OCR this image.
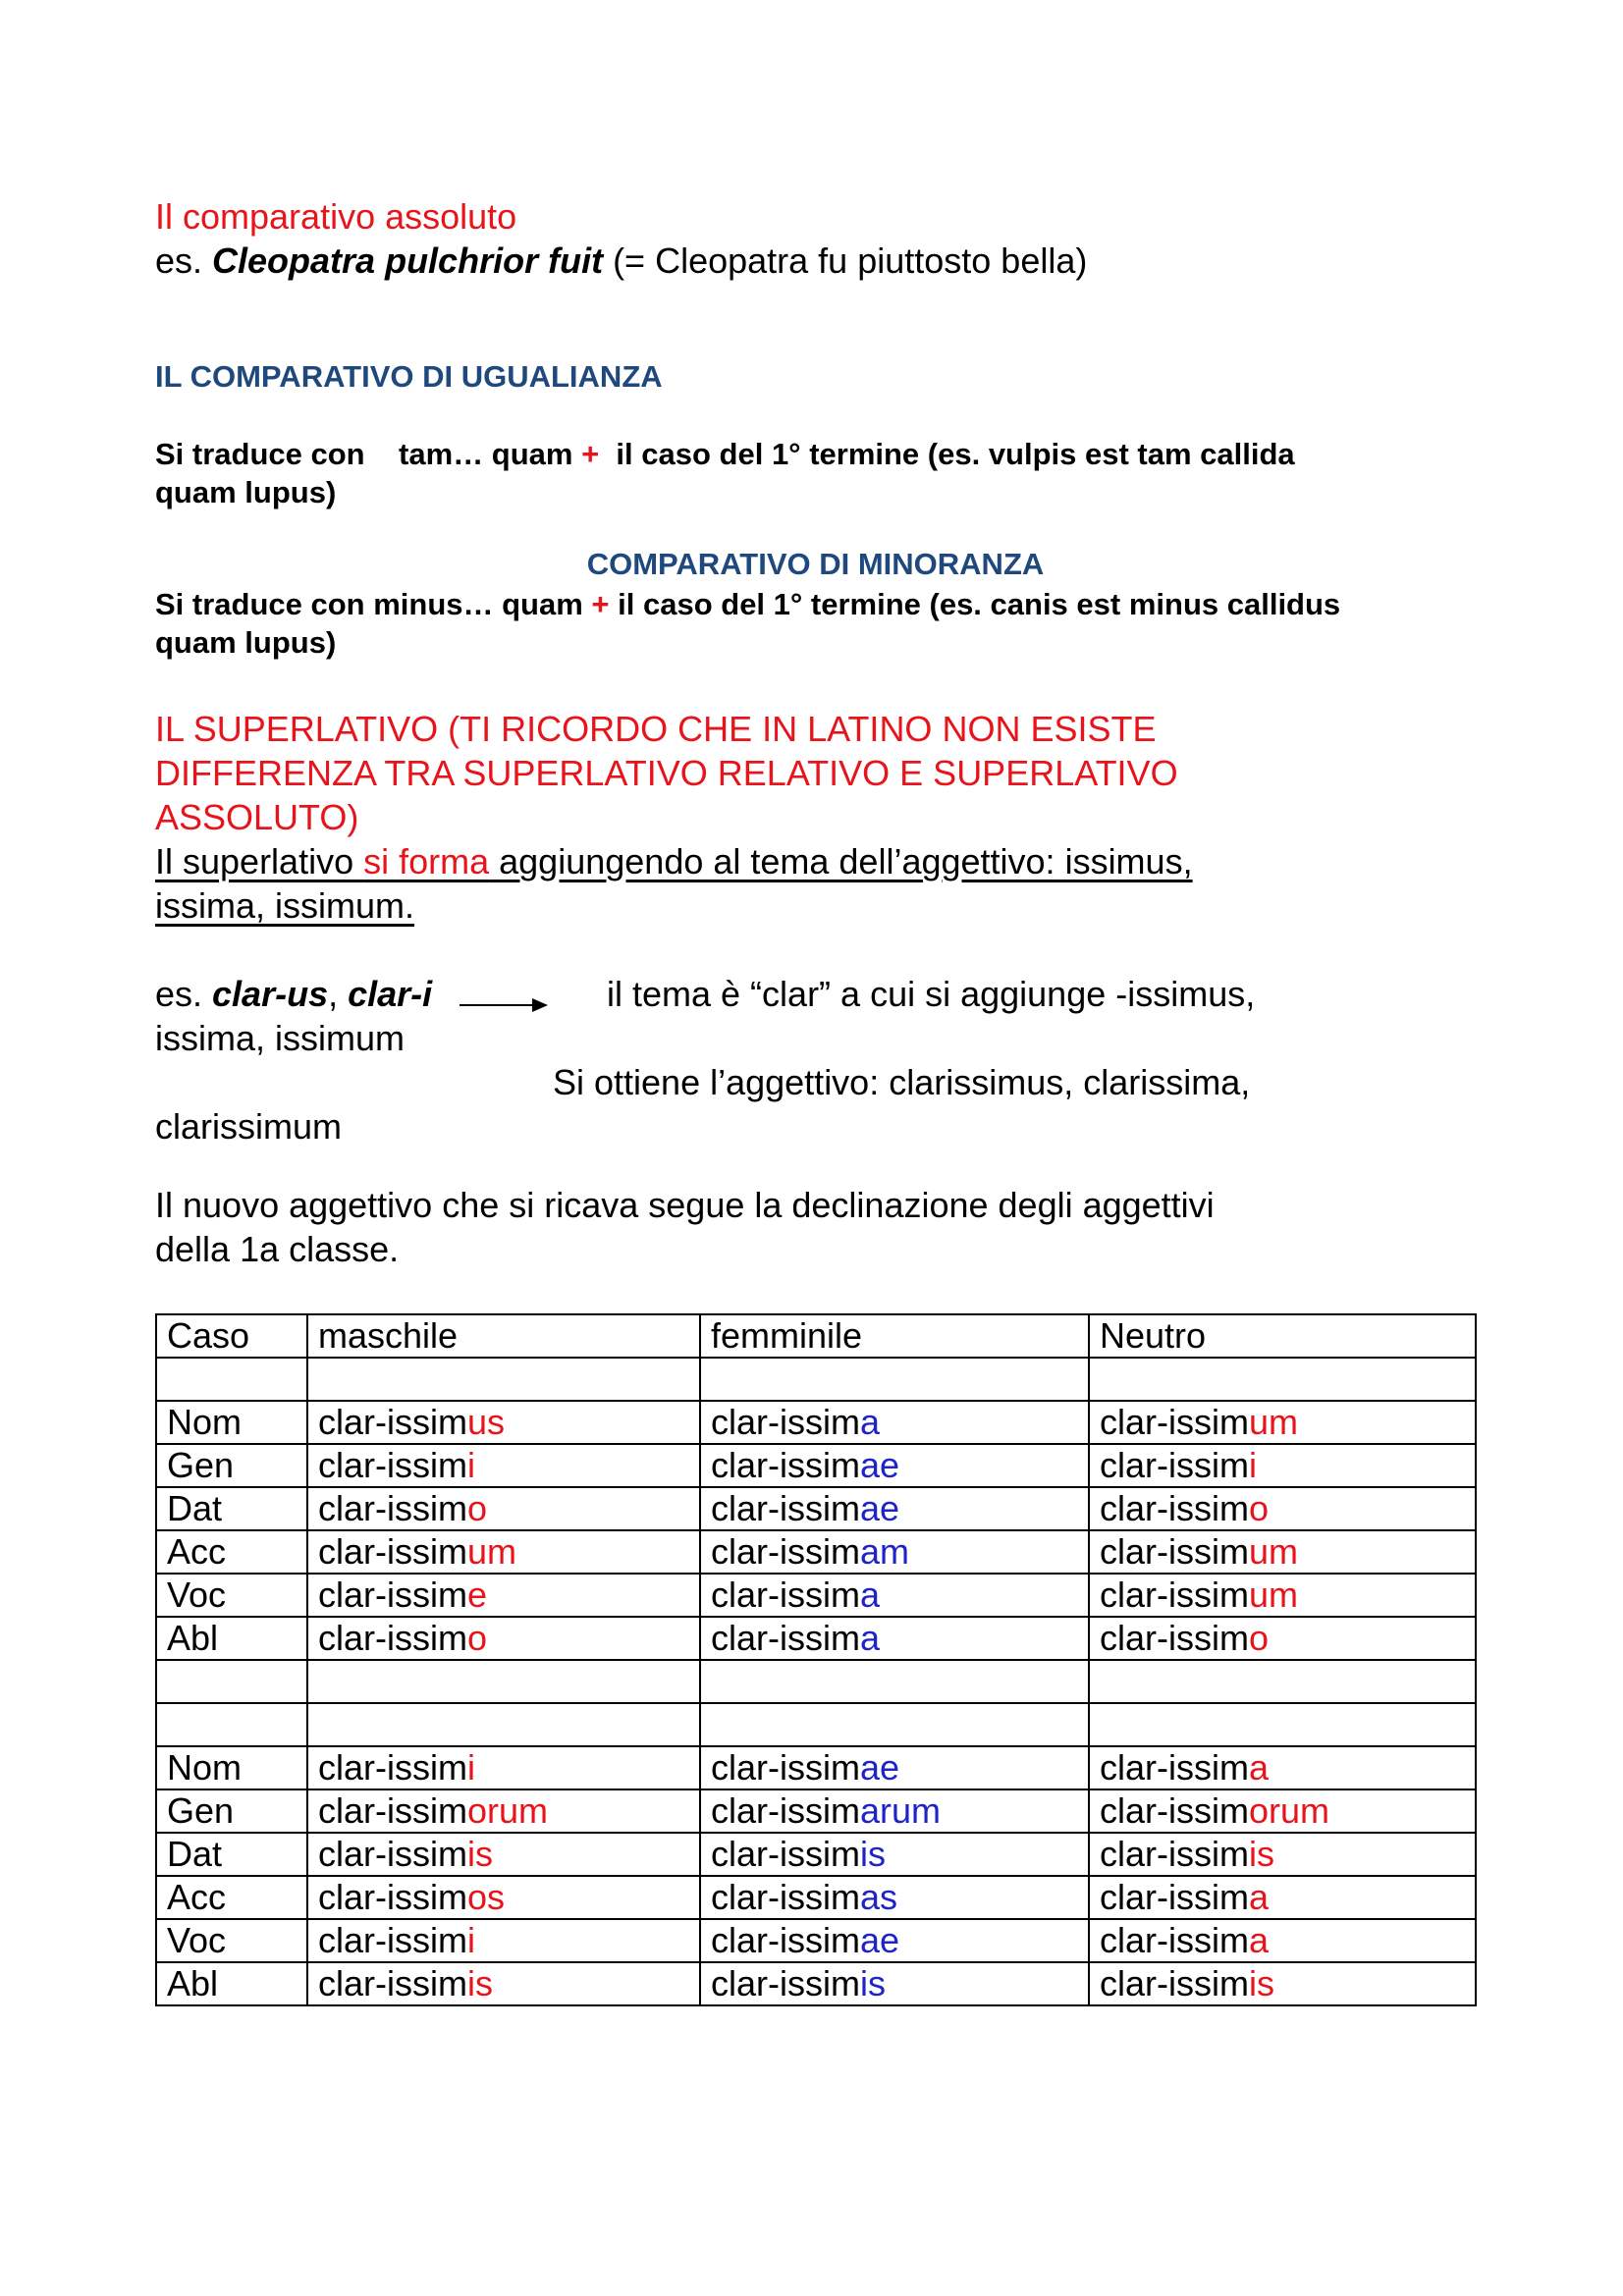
Il comparativo assoluto

es. Cleopatra pulchrior fuit (= Cleopatra fu piuttosto bella)

IL COMPARATIVO DI UGUALIANZA

Si traduce con    tam… quam +  il caso del 1° termine (es. vulpis est tam callida

quam lupus)

COMPARATIVO DI MINORANZA

Si traduce con minus… quam + il caso del 1° termine (es. canis est minus callidus

quam lupus)

IL SUPERLATIVO (TI RICORDO CHE IN LATINO NON ESISTE
DIFFERENZA TRA SUPERLATIVO RELATIVO E SUPERLATIVO
ASSOLUTO)

Il superlativo si forma aggiungendo al tema dell’aggettivo: issimus,

issima, issimum.

es. clar-us, clar-i	il tema è “clar” a cui si aggiunge -issimus,

issima, issimum

Si ottiene l’aggettivo: clarissimus, clarissima,

clarissimum

Il nuovo aggettivo che si ricava segue la declinazione degli aggettivi

della 1a classe.

Caso	maschile	femminile	Neutro

Nom	clar-issimus	clar-issima	clar-issimum
Gen	clar-issimi	clar-issimae	clar-issimi
Dat	clar-issimo	clar-issimae	clar-issimo
Acc	clar-issimum	clar-issimam	clar-issimum
Voc	clar-issime	clar-issima	clar-issimum
Abl	clar-issimo	clar-issima	clar-issimo

Nom	clar-issimi	clar-issimae	clar-issima
Gen	clar-issimorum	clar-issimarum	clar-issimorum
Dat	clar-issimis	clar-issimis	clar-issimis
Acc	clar-issimos	clar-issimas	clar-issima
Voc	clar-issimi	clar-issimae	clar-issima
Abl	clar-issimis	clar-issimis	clar-issimis
